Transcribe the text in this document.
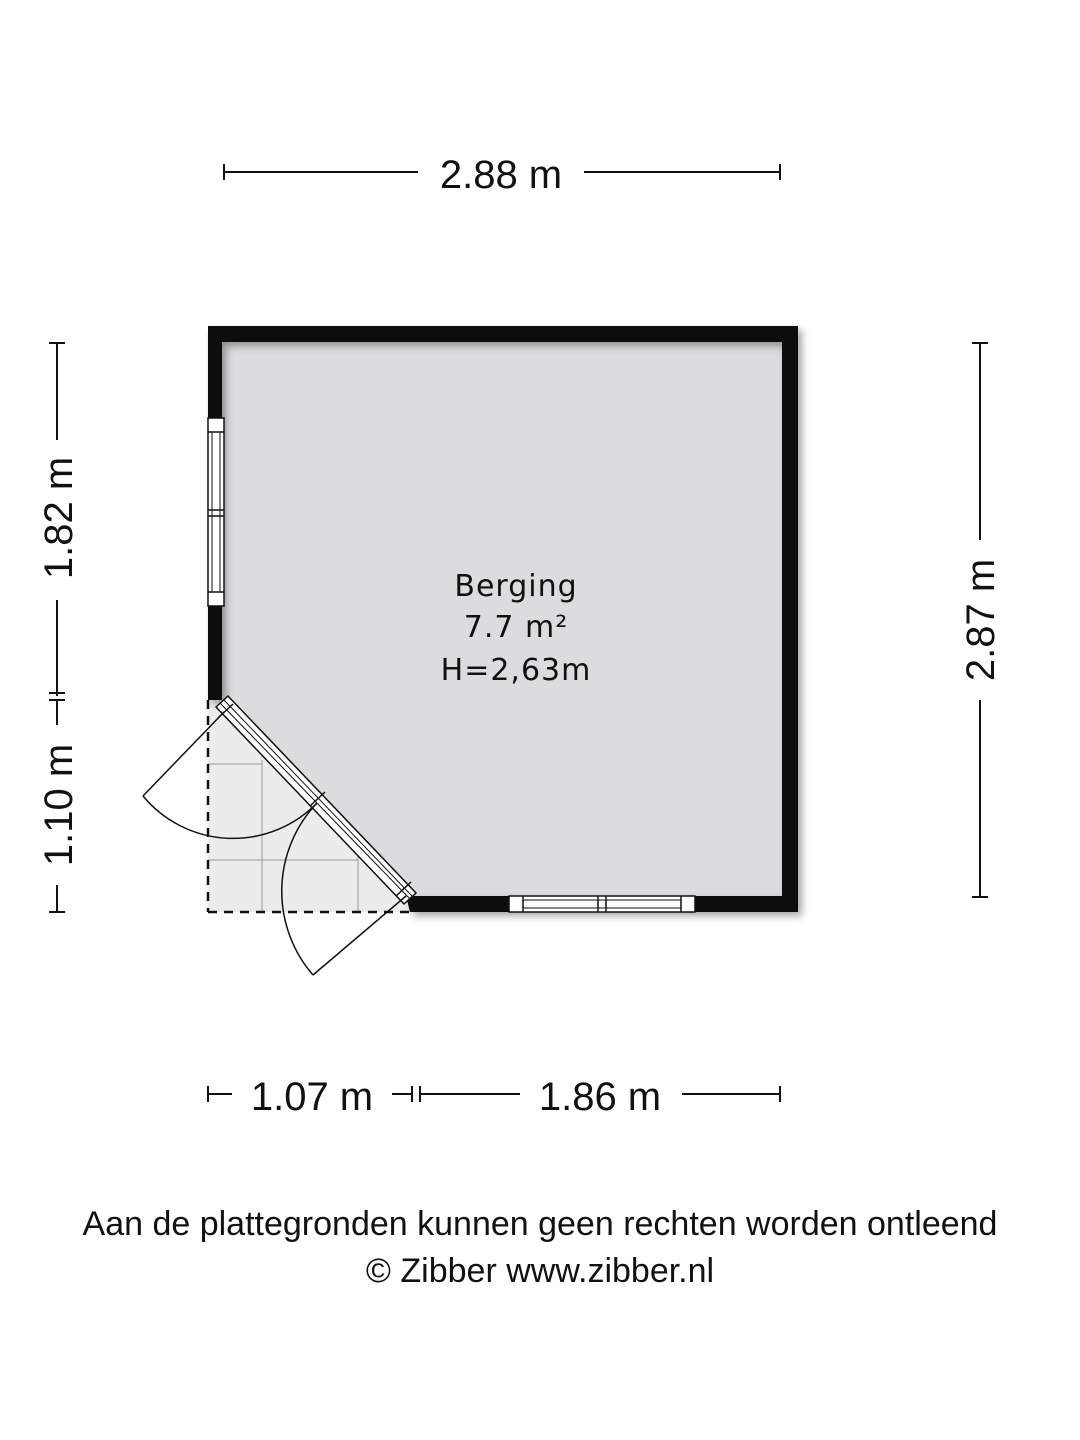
2.88 m
2.87 m
1.82 m
1.10 m
1.07 m	1.86 m
Berging
7.7 m²
H=2,63m
Aan de plattegronden kunnen geen rechten worden ontleend
© Zibber www.zibber.nl
